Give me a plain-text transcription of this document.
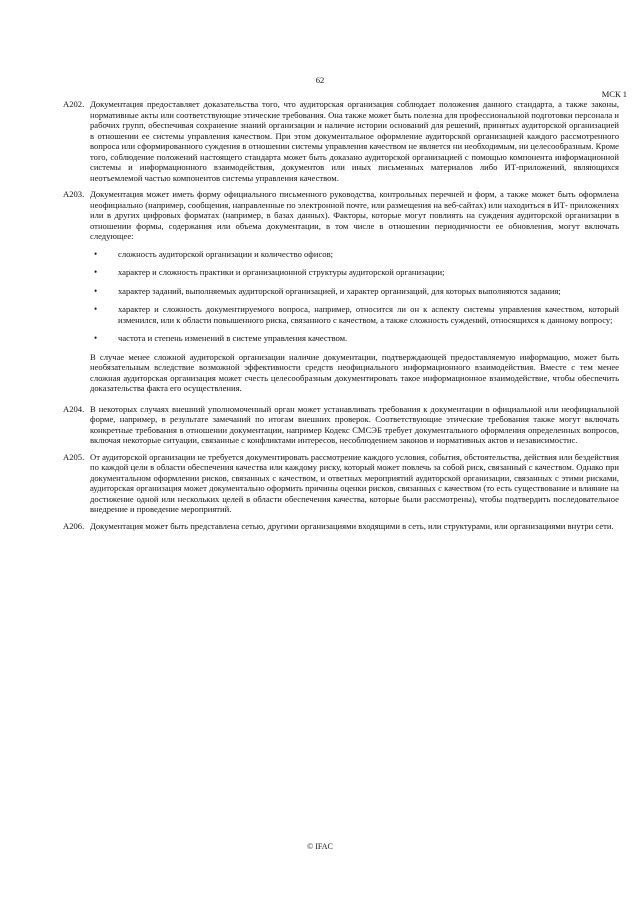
62
МСК 1
A202. Документация предоставляет доказательства того, что аудиторская организация соблюдает положения данного стандарта, а также законы, нормативные акты или соответствующие этические требования. Она также может быть полезна для профессиональной подготовки персонала и рабочих групп, обеспечивая сохранение знаний организации и наличие истории оснований для решений, принятых аудиторской организацией в отношении ее системы управления качеством. При этом документальное оформление аудиторской организацией каждого рассмотренного вопроса или сформированного суждения в отношении системы управления качеством не является ни необходимым, ни целесообразным. Кроме того, соблюдение положений настоящего стандарта может быть доказано аудиторской организацией с помощью компонента информационной системы и информационного взаимодействия, документов или иных письменных материалов либо ИТ-приложений, являющихся неотъемлемой частью компонентов системы управления качеством.
A203. Документация может иметь форму официального письменного руководства, контрольных перечней и форм, а также может быть оформлена неофициально (например, сообщения, направленные по электронной почте, или размещения на веб-сайтах) или находиться в ИТ- приложениях или в других цифровых форматах (например, в базах данных). Факторы, которые могут повлиять на суждения аудиторской организации в отношении формы, содержания или объема документации, в том числе в отношении периодичности ее обновления, могут включать следующее:

•	сложность аудиторской организации и количество офисов;
•	характер и сложность практики и организационной структуры аудиторской организации;
•	характер заданий, выполняемых аудиторской организацией, и характер организаций, для которых выполняются задания;
•	характер и сложность документируемого вопроса, например, относится ли он к аспекту системы управления качеством, который изменился, или к области повышенного риска, связанного с качеством, а также сложность суждений, относящихся к данному вопросу;
•	частота и степень изменений в системе управления качеством.

В случае менее сложной аудиторской организации наличие документации, подтверждающей предоставляемую информацию, может быть необязательным вследствие возможной эффективности средств неофициального информационного взаимодействия. Вместе с тем менее сложная аудиторская организация может счесть целесообразным документировать такое информационное взаимодействие, чтобы обеспечить доказательства факта его осуществления.

A204. В некоторых случаях внешний уполномоченный орган может устанавливать требования к документации в официальной или неофициальной форме, например, в результате замечаний по итогам внешних проверок. Соответствующие этические требования также могут включать конкретные требования в отношении документации, например Кодекс СМСЭБ требует документального оформления определенных вопросов, включая некоторые ситуации, связанные с конфликтами интересов, несоблюдением законов и нормативных актов и независимостис.
A205. От аудиторской организации не требуется документировать рассмотрение каждого условия, события, обстоятельства, действия или бездействия по каждой цели в области обеспечения качества или каждому риску, который может повлечь за собой риск, связанный с качеством. Однако при документальном оформлении рисков, связанных с качеством, и ответных мероприятий аудиторской организации, связанных с этими рисками, аудиторская организация может документально оформить причины оценки рисков, связанных с качеством (то есть существование и влияние на достижение одной или нескольких целей в области обеспечения качества, которые были рассмотрены), чтобы подтвердить последовательное внедрение и проведение мероприятий.
A206. Документация может быть представлена сетью, другими организациями входящими в сеть, или структурами, или организациями внутри сети.
© IFAC
